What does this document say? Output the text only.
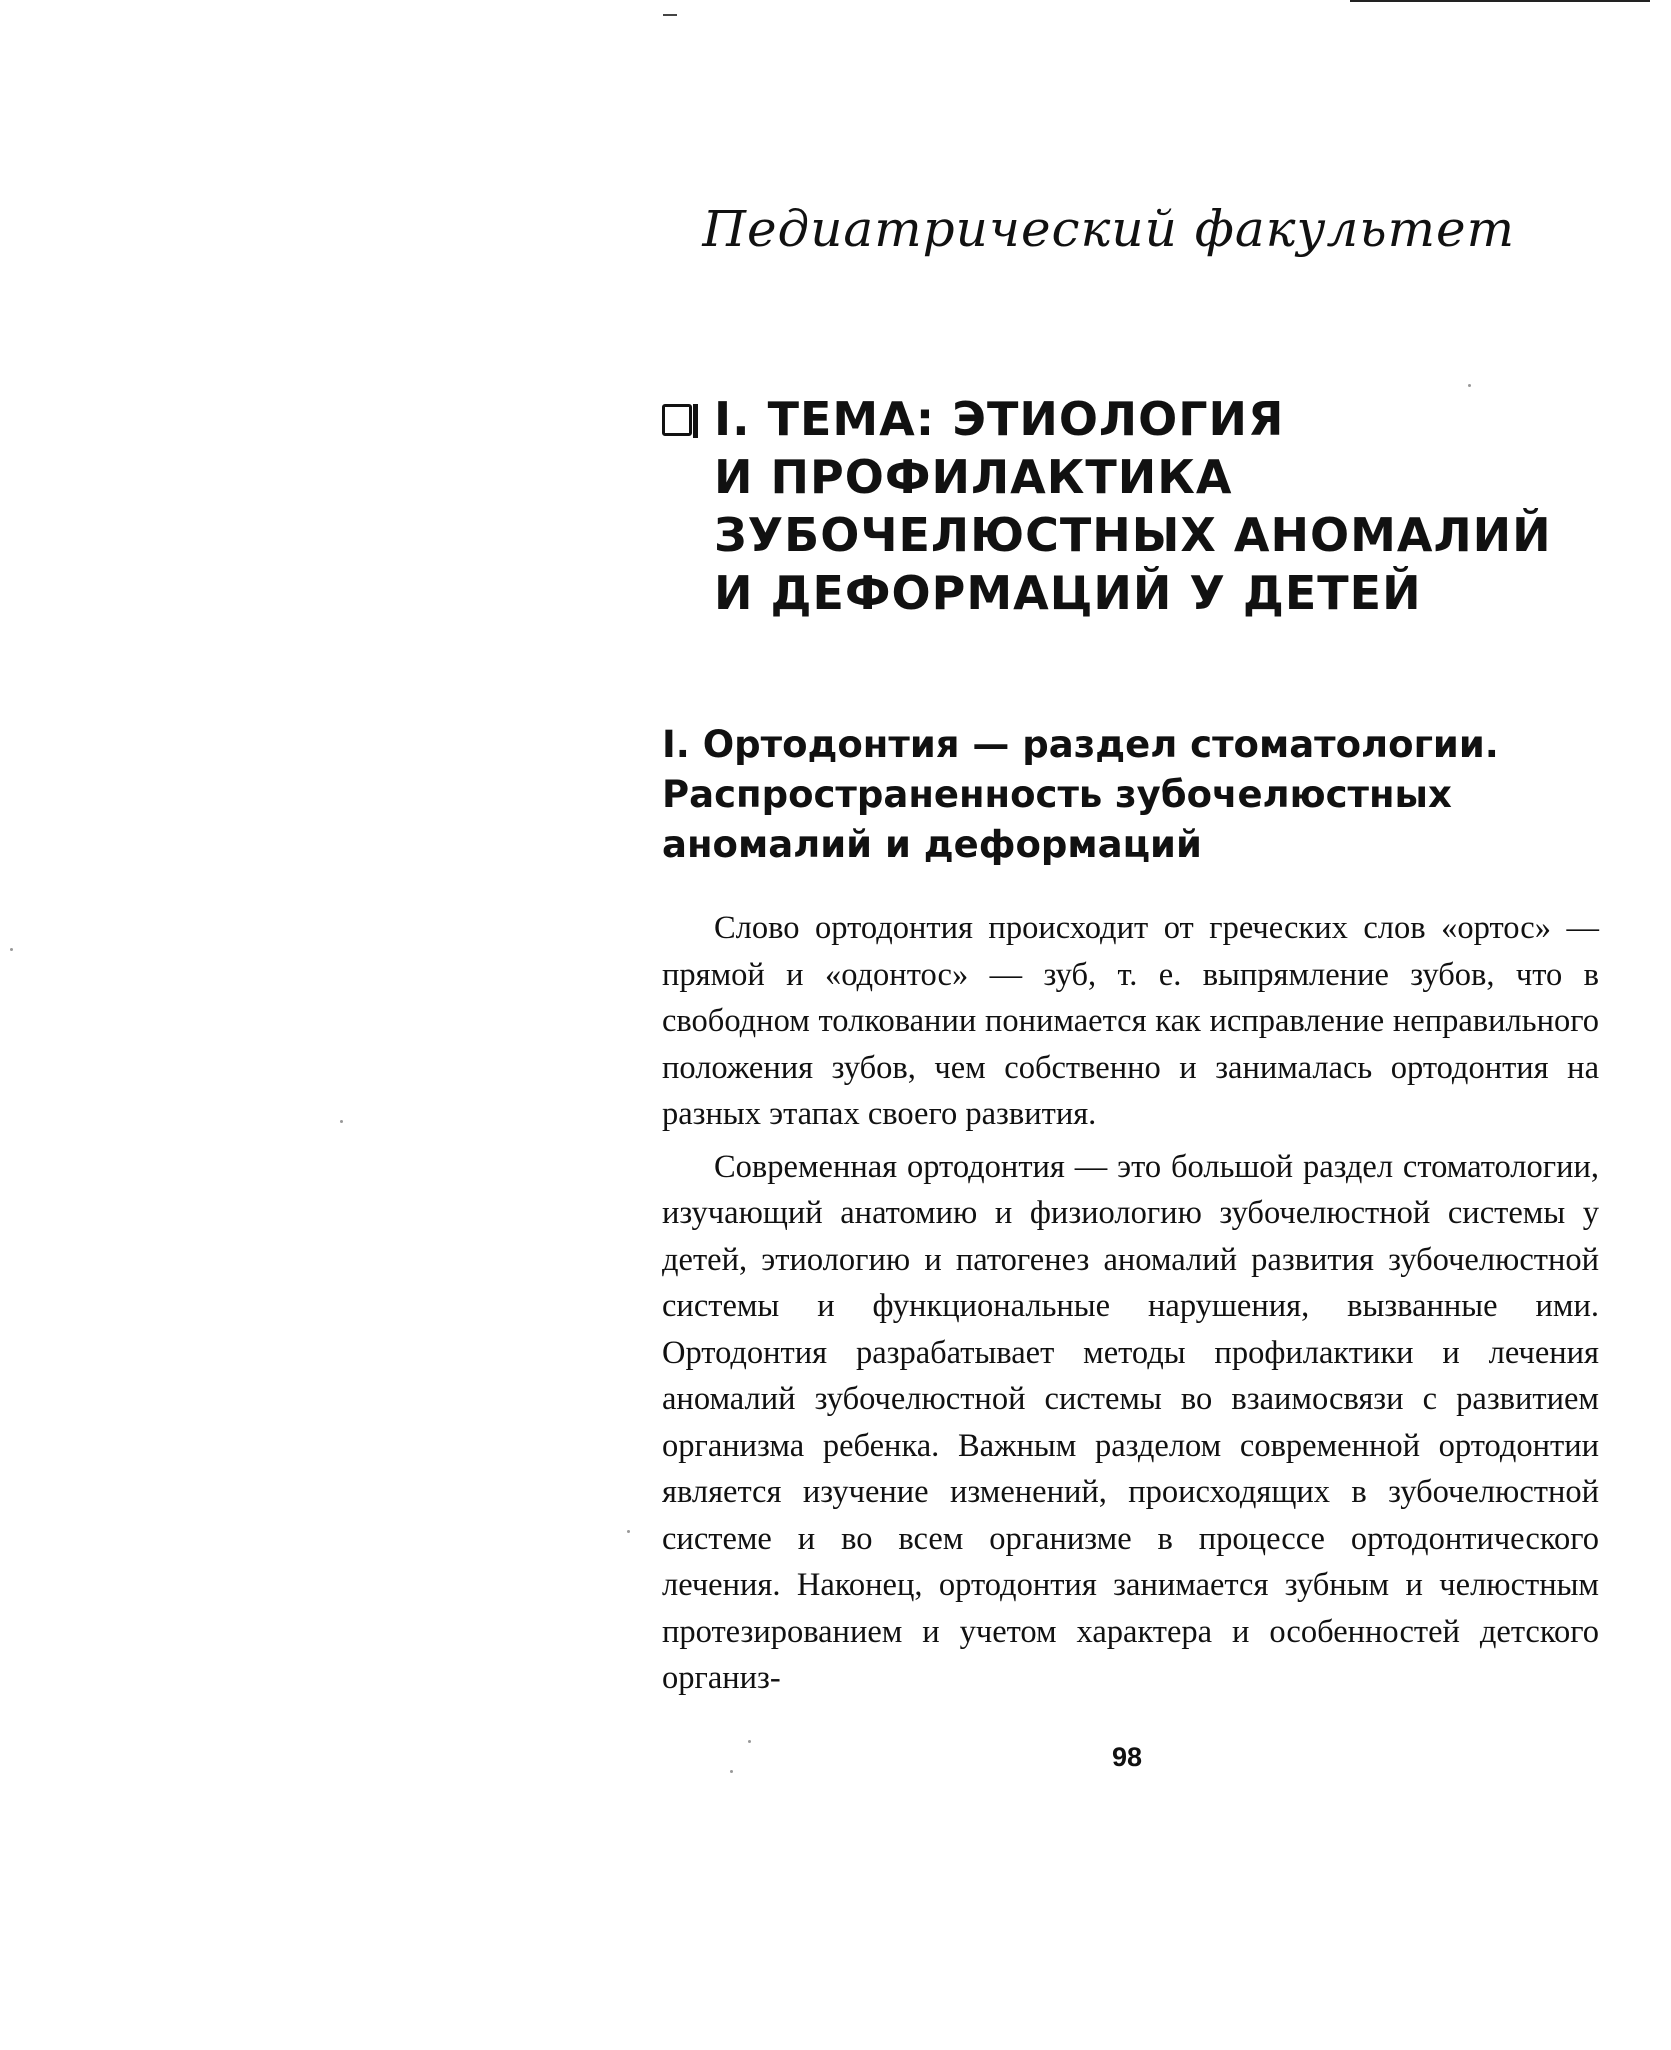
Педиатрический факультет
I. ТЕМА: ЭТИОЛОГИЯ
И ПРОФИЛАКТИКА
ЗУБОЧЕЛЮСТНЫХ АНОМАЛИЙ
И ДЕФОРМАЦИЙ У ДЕТЕЙ
I. Ортодонтия — раздел стоматологии.
Распространенность зубочелюстных
аномалий и деформаций

Слово ортодонтия происходит от греческих слов «ортос» — прямой и «одонтос» — зуб, т. е. выпрямление зубов, что в свободном толковании понимается как исправление неправильного положения зубов, чем собственно и занималась ортодонтия на разных этапах своего развития.

Современная ортодонтия — это большой раздел стоматологии, изучающий анатомию и физиологию зубочелюстной системы у детей, этиологию и патогенез аномалий развития зубочелюстной системы и функциональные нарушения, вызванные ими. Ортодонтия разрабатывает методы профилактики и лечения аномалий зубочелюстной системы во взаимосвязи с развитием организма ребенка. Важным разделом современной ортодонтии является изучение изменений, происходящих в зубочелюстной системе и во всем организме в процессе ортодонтического лечения. Наконец, ортодонтия занимается зубным и челюстным протезированием и учетом характера и особенностей детского организ-

98
